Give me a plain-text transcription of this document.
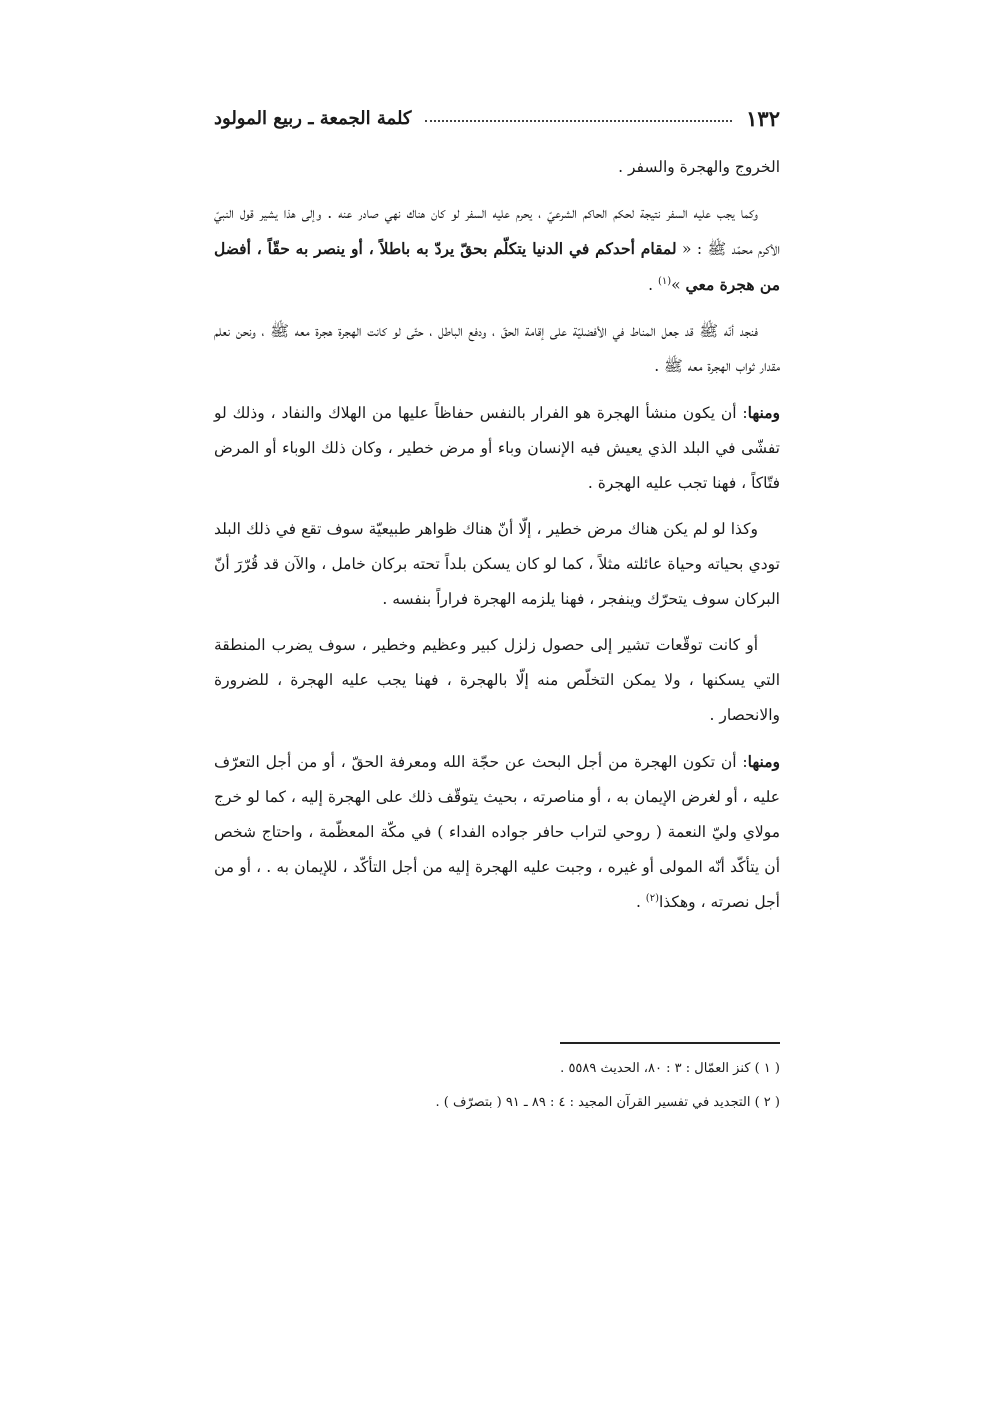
١٣٢
كلمة الجمعة ـ ربيع المولود

الخروج والهجرة والسفر .

وكما يجب عليه السفر نتيجة لحكم الحاكم الشرعيّ ، يحرم عليه السفر لو كان هناك نهي صادر عنه . وإلى هذا يشير قول النبيّ الأكرم محمّد ﷺ : « لمقام أحدكم في الدنيا يتكلّم بحقّ يردّ به باطلاً ، أو ينصر به حقّاً ، أفضل من هجرة معي »$^{(١)}$ .

فنجد أنّه ﷺ قد جعل المناط في الأفضليّة على إقامة الحقّ ، ودفع الباطل ، حتّى لو كانت الهجرة هجرة معه ﷺ ، ونحن نعلم مقدار ثواب الهجرة معه ﷺ .

ومنها: أن يكون منشأ الهجرة هو الفرار بالنفس حفاظاً عليها من الهلاك والنفاد ، وذلك لو تفشّى في البلد الذي يعيش فيه الإنسان وباء أو مرض خطير ، وكان ذلك الوباء أو المرض فتّاكاً ، فهنا تجب عليه الهجرة .

وكذا لو لم يكن هناك مرض خطير ، إلّا أنّ هناك ظواهر طبيعيّة سوف تقع في ذلك البلد تودي بحياته وحياة عائلته مثلاً ، كما لو كان يسكن بلداً تحته بركان خامل ، والآن قد قُرّرَ أنّ البركان سوف يتحرّك وينفجر ، فهنا يلزمه الهجرة فراراً بنفسه .

أو كانت توقّعات تشير إلى حصول زلزل كبير وعظيم وخطير ، سوف يضرب المنطقة التي يسكنها ، ولا يمكن التخلّص منه إلّا بالهجرة ، فهنا يجب عليه الهجرة ، للضرورة والانحصار .

ومنها: أن تكون الهجرة من أجل البحث عن حجّة الله ومعرفة الحقّ ، أو من أجل التعرّف عليه ، أو لغرض الإيمان به ، أو مناصرته ، بحيث يتوقّف ذلك على الهجرة إليه ، كما لو خرج مولاي وليّ النعمة ( روحي لتراب حافر جواده الفداء ) في مكّة المعظّمة ، واحتاج شخص أن يتأكّد أنّه المولى أو غيره ، وجبت عليه الهجرة إليه من أجل التأكّد ، للإيمان به . ، أو من أجل نصرته ، وهكذا$^{(٢)}$ .

( ١ ) كنز العمّال : ٣ : ٨٠، الحديث ٥٥٨٩ .
( ٢ ) التجديد في تفسير القرآن المجيد : ٤ : ٨٩ ـ ٩١ ( بتصرّف ) .
